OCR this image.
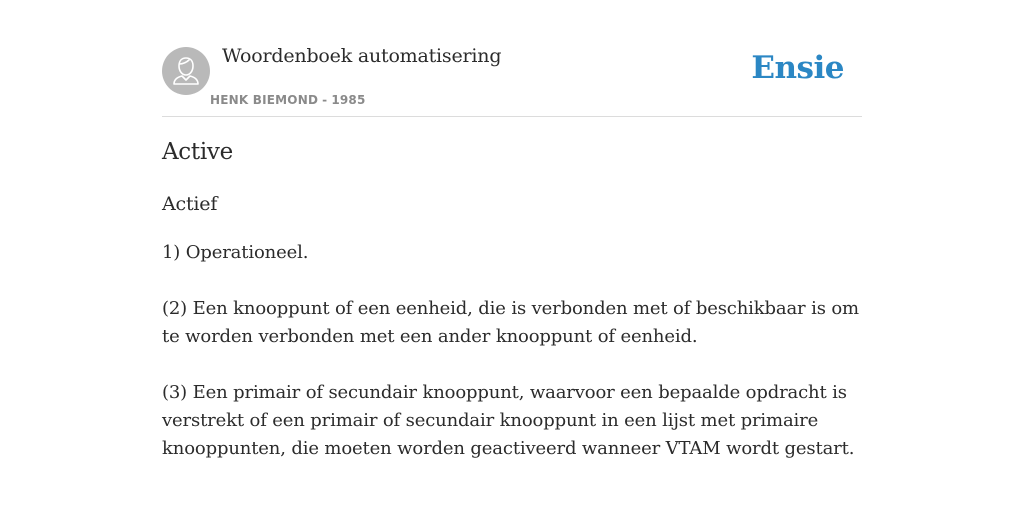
Woordenboek automatisering
HENK BIEMOND - 1985
Ensie
Active
Actief

1) Operationeel.

(2) Een knooppunt of een eenheid, die is verbonden met of beschikbaar is om te worden verbonden met een ander knooppunt of eenheid.

(3) Een primair of secundair knooppunt, waarvoor een bepaalde opdracht is verstrekt of een primair of secundair knooppunt in een lijst met primaire knooppunten, die moeten worden geactiveerd wanneer VTAM wordt gestart.
